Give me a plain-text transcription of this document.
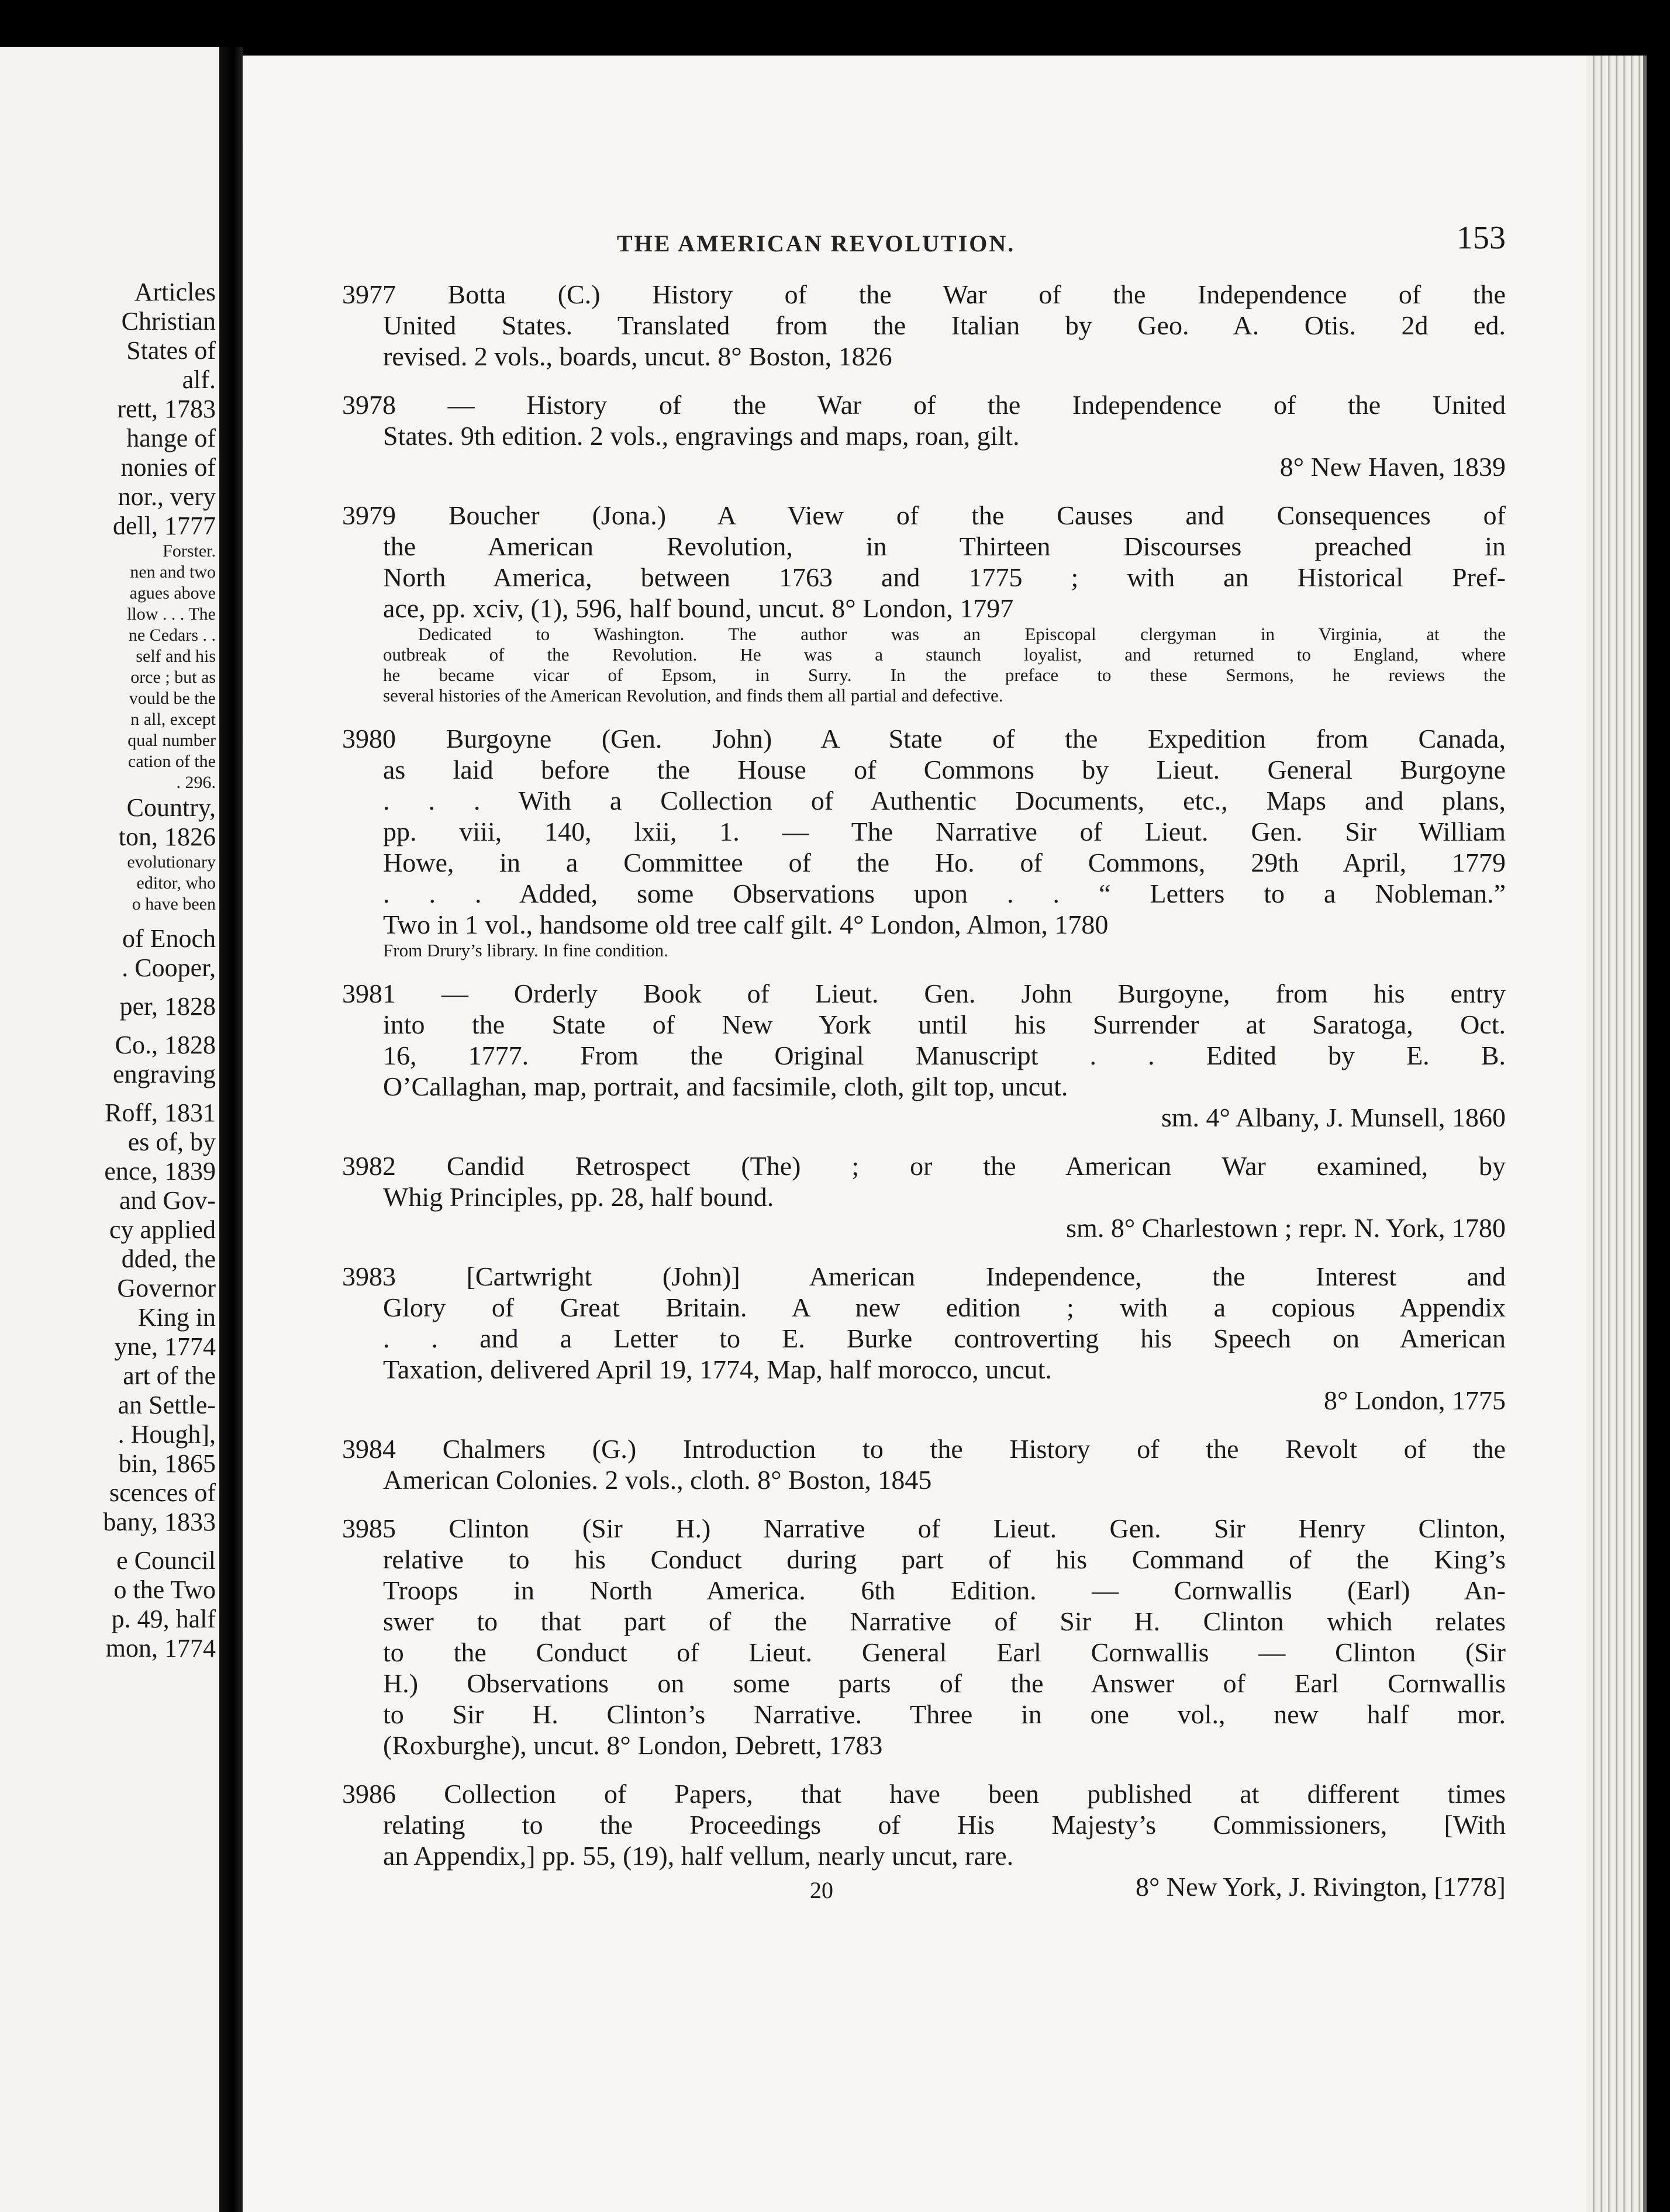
Articles
Christian
States of
alf.
rett, 1783
hange of
nonies of
nor., very
dell, 1777
Forster.
nen and two
agues above
llow . . . The
ne Cedars . .
self and his
orce ; but as
vould be the
n all, except
qual number
cation of the
. 296.
Country,
ton, 1826
evolutionary
editor, who
o have been
of Enoch
. Cooper,
per, 1828
Co., 1828
engraving
Roff, 1831
es of, by
ence, 1839
and Gov-
cy applied
dded, the
Governor
King in
yne, 1774
art of the
an Settle-
. Hough],
bin, 1865
scences of
bany, 1833
e Council
o the Two
p. 49, half
mon, 1774
THE AMERICAN REVOLUTION.	153
3977 Botta (C.) History of the War of the Independence of the
United States. Translated from the Italian by Geo. A. Otis. 2d ed.
revised. 2 vols., boards, uncut. 8° Boston, 1826
3978 — History of the War of the Independence of the United
States. 9th edition. 2 vols., engravings and maps, roan, gilt.
8° New Haven, 1839
3979 Boucher (Jona.) A View of the Causes and Consequences of
the American Revolution, in Thirteen Discourses preached in
North America, between 1763 and 1775 ; with an Historical Pref-
ace, pp. xciv, (1), 596, half bound, uncut. 8° London, 1797
Dedicated to Washington. The author was an Episcopal clergyman in Virginia, at the
outbreak of the Revolution. He was a staunch loyalist, and returned to England, where
he became vicar of Epsom, in Surry. In the preface to these Sermons, he reviews the
several histories of the American Revolution, and finds them all partial and defective.
3980 Burgoyne (Gen. John) A State of the Expedition from Canada,
as laid before the House of Commons by Lieut. General Burgoyne
. . . With a Collection of Authentic Documents, etc., Maps and plans,
pp. viii, 140, lxii, 1. — The Narrative of Lieut. Gen. Sir William
Howe, in a Committee of the Ho. of Commons, 29th April, 1779
. . . Added, some Observations upon . . “ Letters to a Nobleman.”
Two in 1 vol., handsome old tree calf gilt. 4° London, Almon, 1780
From Drury’s library. In fine condition.
3981 — Orderly Book of Lieut. Gen. John Burgoyne, from his entry
into the State of New York until his Surrender at Saratoga, Oct.
16, 1777. From the Original Manuscript . . Edited by E. B.
O’Callaghan, map, portrait, and facsimile, cloth, gilt top, uncut.
sm. 4° Albany, J. Munsell, 1860
3982 Candid Retrospect (The) ; or the American War examined, by
Whig Principles, pp. 28, half bound.
sm. 8° Charlestown ; repr. N. York, 1780
3983 [Cartwright (John)] American Independence, the Interest and
Glory of Great Britain. A new edition ; with a copious Appendix
. . and a Letter to E. Burke controverting his Speech on American
Taxation, delivered April 19, 1774, Map, half morocco, uncut.
8° London, 1775
3984 Chalmers (G.) Introduction to the History of the Revolt of the
American Colonies. 2 vols., cloth. 8° Boston, 1845
3985 Clinton (Sir H.) Narrative of Lieut. Gen. Sir Henry Clinton,
relative to his Conduct during part of his Command of the King’s
Troops in North America. 6th Edition. — Cornwallis (Earl) An-
swer to that part of the Narrative of Sir H. Clinton which relates
to the Conduct of Lieut. General Earl Cornwallis — Clinton (Sir
H.) Observations on some parts of the Answer of Earl Cornwallis
to Sir H. Clinton’s Narrative. Three in one vol., new half mor.
(Roxburghe), uncut. 8° London, Debrett, 1783
3986 Collection of Papers, that have been published at different times
relating to the Proceedings of His Majesty’s Commissioners, [With
an Appendix,] pp. 55, (19), half vellum, nearly uncut, rare.
8° New York, J. Rivington, [1778]
20
